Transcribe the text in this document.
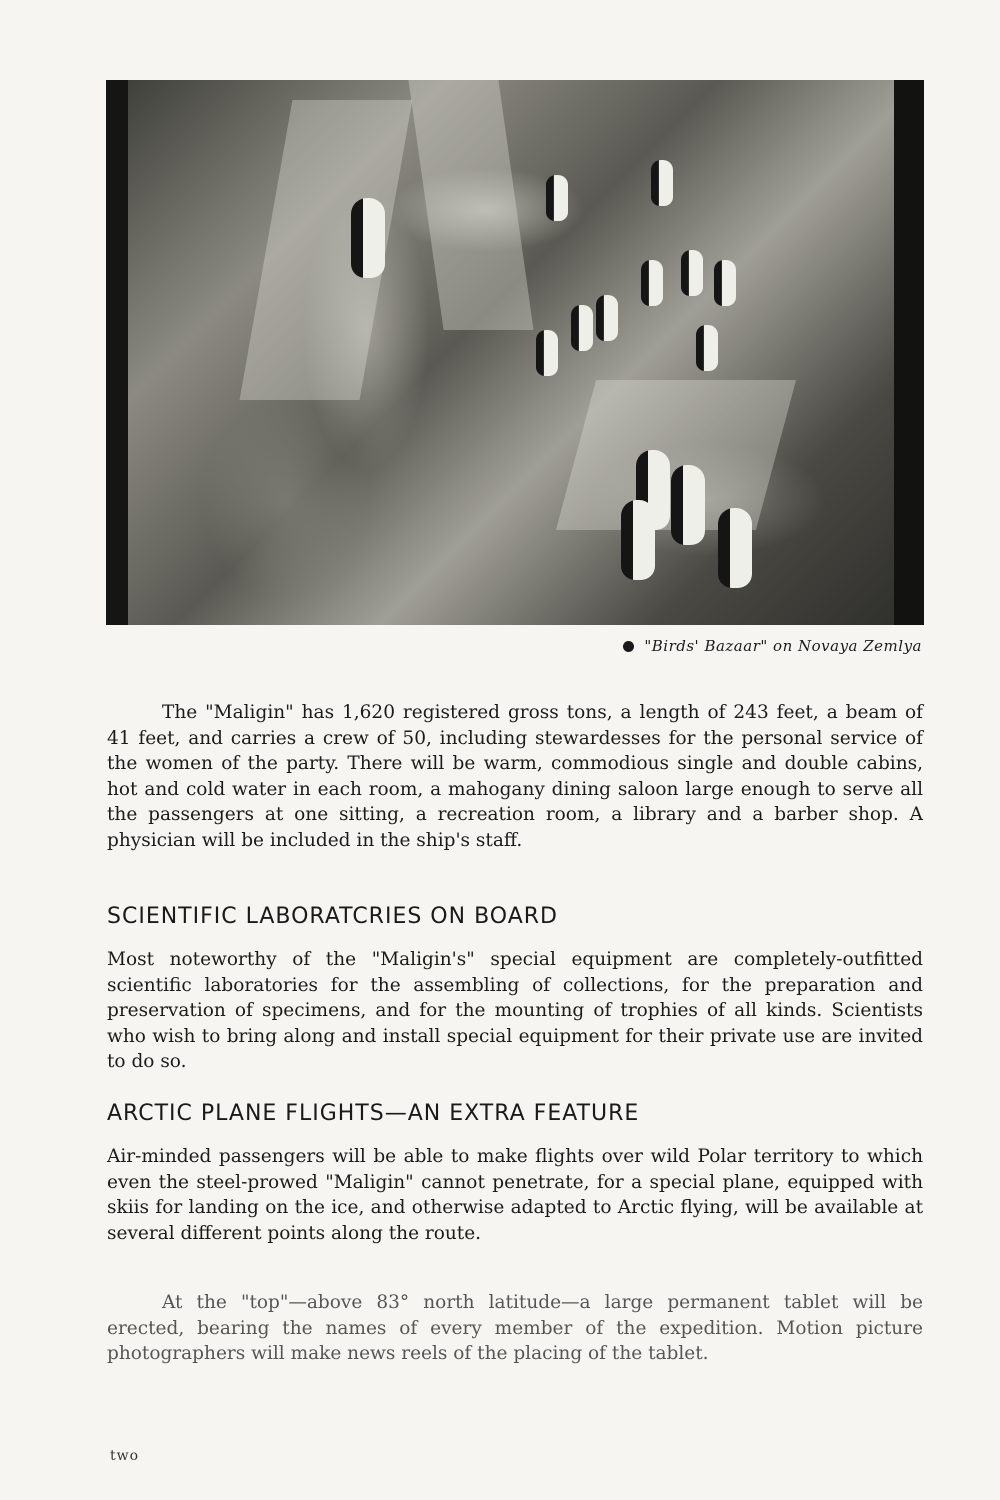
"Birds' Bazaar" on Novaya Zemlya

The "Maligin" has 1,620 registered gross tons, a length of 243 feet, a beam of 41 feet, and carries a crew of 50, including stewardesses for the personal service of the women of the party. There will be warm, commodious single and double cabins, hot and cold water in each room, a mahogany dining saloon large enough to serve all the passengers at one sitting, a recreation room, a library and a barber shop. A physician will be included in the ship's staff.

SCIENTIFIC LABORATCRIES ON BOARD

Most noteworthy of the "Maligin's" special equipment are completely-outfitted scientific laboratories for the assembling of collections, for the preparation and preservation of specimens, and for the mounting of trophies of all kinds. Scientists who wish to bring along and install special equipment for their private use are invited to do so.

ARCTIC PLANE FLIGHTS—AN EXTRA FEATURE

Air-minded passengers will be able to make flights over wild Polar territory to which even the steel-prowed "Maligin" cannot penetrate, for a special plane, equipped with skiis for landing on the ice, and otherwise adapted to Arctic flying, will be available at several different points along the route.

At the "top"—above 83° north latitude—a large permanent tablet will be erected, bearing the names of every member of the expedition. Motion picture photographers will make news reels of the placing of the tablet.

two
